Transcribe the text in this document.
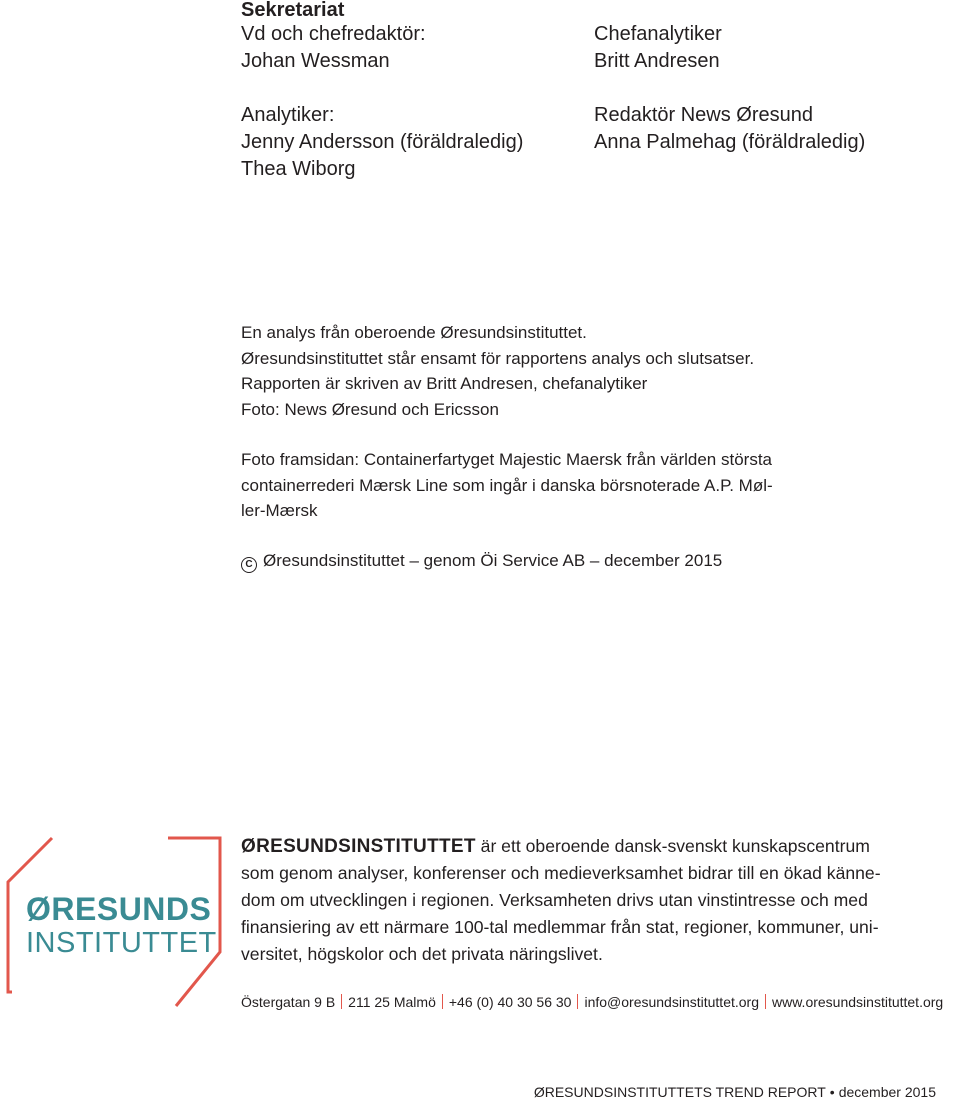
Sekretariat
Vd och chefredaktör:
Johan Wessman
Analytiker:
Jenny Andersson (föräldraledig)
Thea Wiborg
Chefanalytiker
Britt Andresen
Redaktör News Øresund
Anna Palmehag (föräldraledig)
En analys från oberoende Øresundsinstituttet.
Øresundsinstituttet står ensamt för rapportens analys och slutsatser.
Rapporten är skriven av Britt Andresen, chefanalytiker
Foto: News Øresund och Ericsson
Foto framsidan: Containerfartyget Majestic Maersk från världen största
containerrederi Mærsk Line som ingår i danska börsnoterade A.P. Møl-
ler-Mærsk
C Øresundsinstituttet – genom Öi Service AB – december 2015
ØRESUNDS
INSTITUTTET
ØRESUNDSINSTITUTTET är ett oberoende dansk-svenskt kunskapscentrum
som genom analyser, konferenser och medieverksamhet bidrar till en ökad känne-
dom om utvecklingen i regionen. Verksamheten drivs utan vinstintresse och med
finansiering av ett närmare 100-tal medlemmar från stat, regioner, kommuner, uni-
versitet, högskolor och det privata näringslivet.
Östergatan 9 B 211 25 Malmö +46 (0) 40 30 56 30 info@oresundsinstituttet.org www.oresundsinstituttet.org
ØRESUNDSINSTITUTTETS TREND REPORT • december 2015
